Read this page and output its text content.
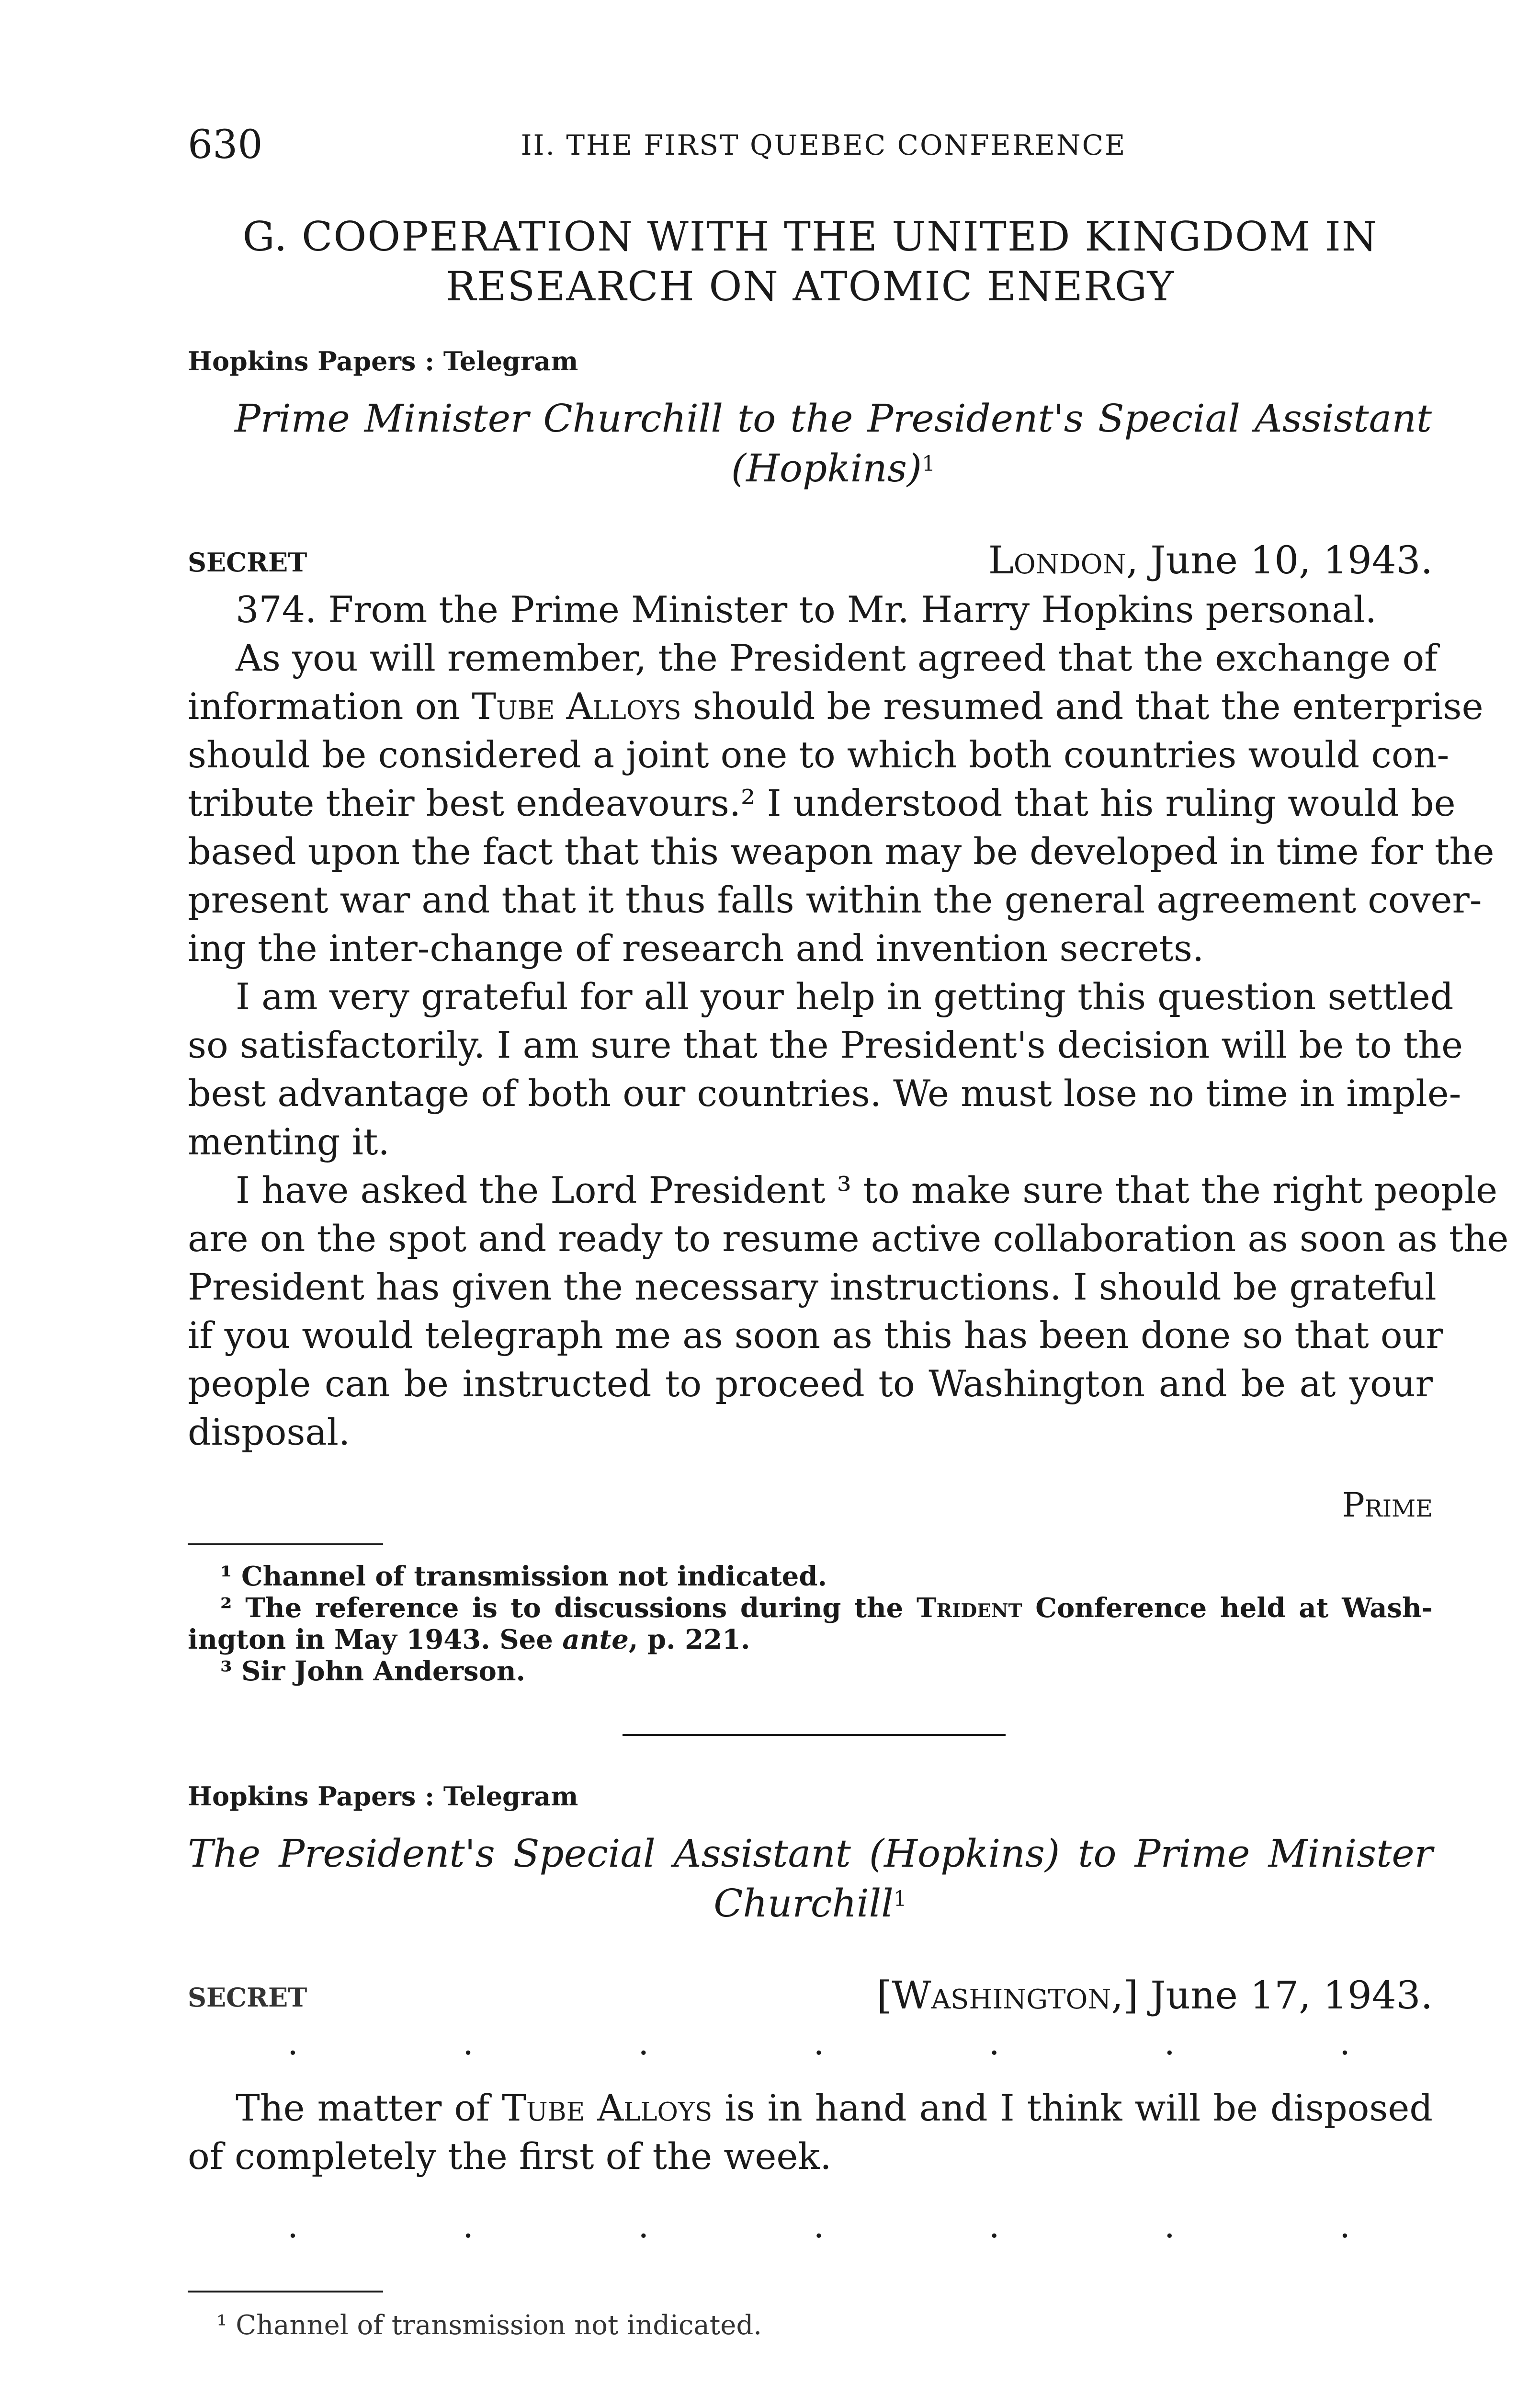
630	II. THE FIRST QUEBEC CONFERENCE
G. COOPERATION WITH THE UNITED KINGDOM IN
RESEARCH ON ATOMIC ENERGY
Hopkins Papers : Telegram
Prime Minister Churchill to the President's Special Assistant
(Hopkins)$^1$
SECRET	London, June 10, 1943.
374. From the Prime Minister to Mr. Harry Hopkins personal.
As you will remember, the President agreed that the exchange of
information on Tube Alloys should be resumed and that the enterprise
should be considered a joint one to which both countries would con-
tribute their best endeavours.² I understood that his ruling would be
based upon the fact that this weapon may be developed in time for the
present war and that it thus falls within the general agreement cover-
ing the inter-change of research and invention secrets.
I am very grateful for all your help in getting this question settled
so satisfactorily. I am sure that the President's decision will be to the
best advantage of both our countries. We must lose no time in imple-
menting it.
I have asked the Lord President ³ to make sure that the right people
are on the spot and ready to resume active collaboration as soon as the
President has given the necessary instructions. I should be grateful
if you would telegraph me as soon as this has been done so that our
people can be instructed to proceed to Washington and be at your
disposal.
Prime
¹ Channel of transmission not indicated.
² The reference is to discussions during the Trident Conference held at Wash-
ington in May 1943. See ante, p. 221.
³ Sir John Anderson.
Hopkins Papers : Telegram
The President's Special Assistant (Hopkins) to Prime Minister
Churchill$^1$
SECRET	[Washington,] June 17, 1943.
.	.	.	.	.	.	.
The matter of Tube Alloys is in hand and I think will be disposed
of completely the first of the week.
.	.	.	.	.	.	.
¹ Channel of transmission not indicated.
